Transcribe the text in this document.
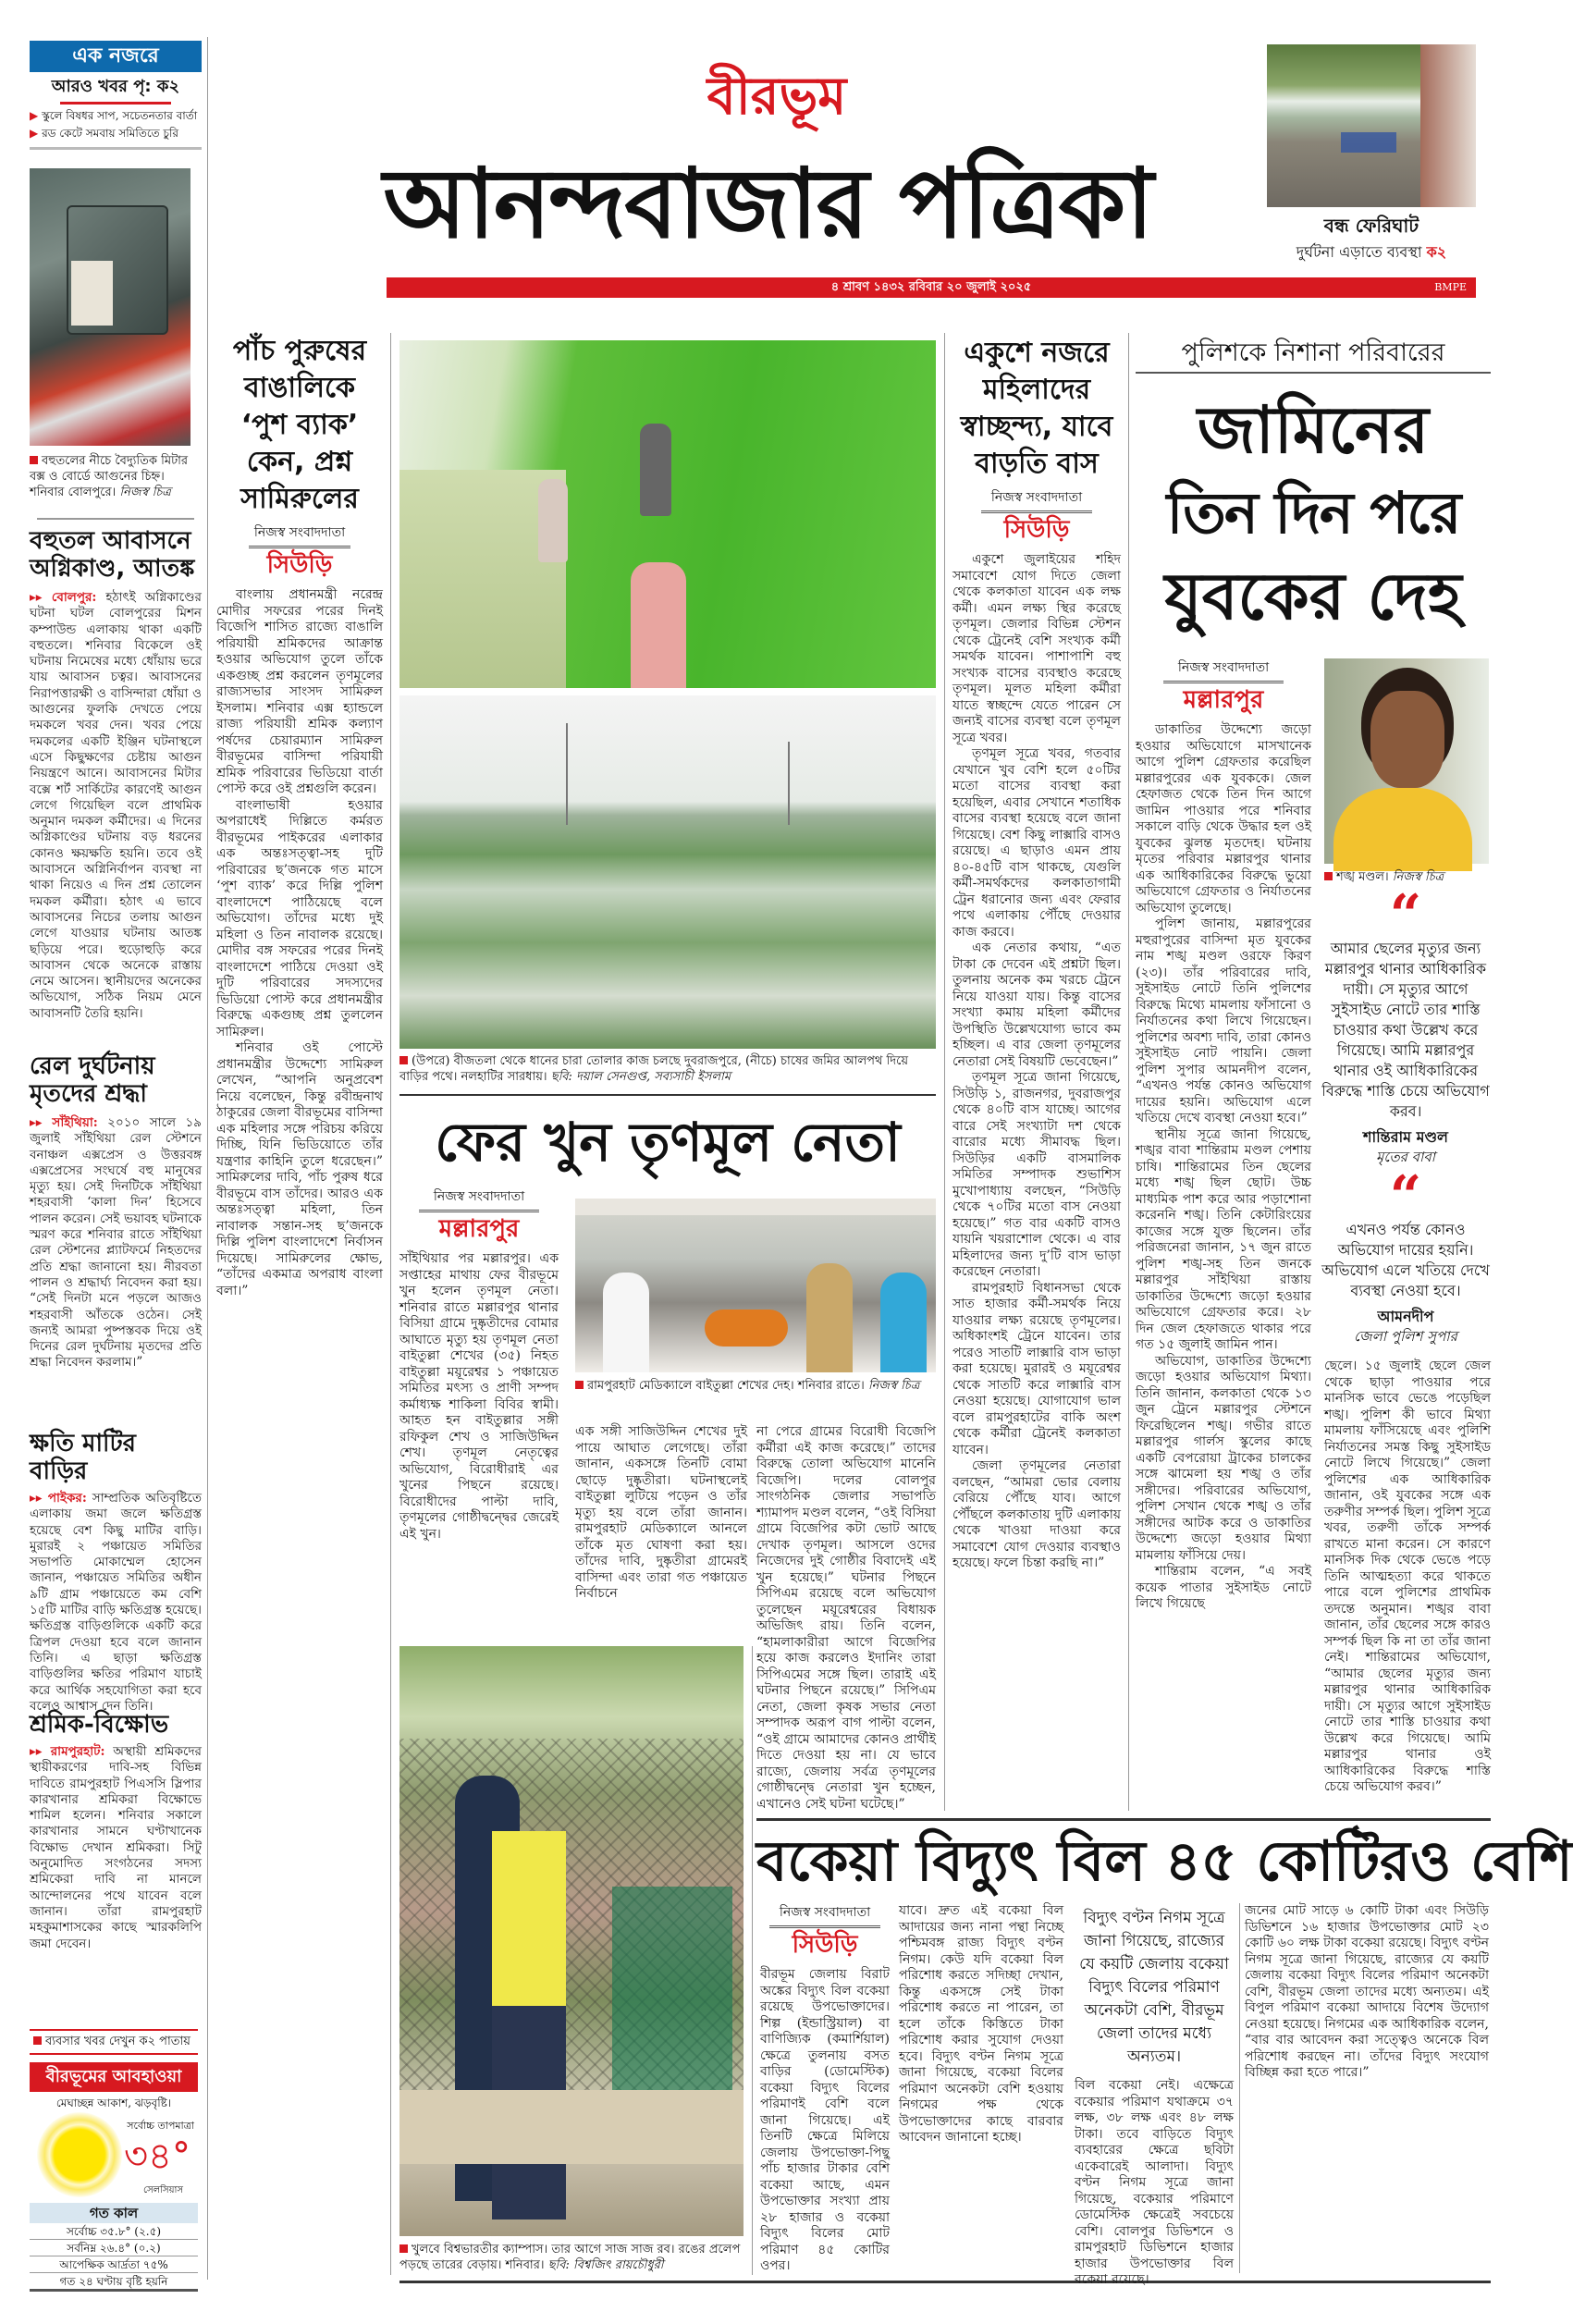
এক নজরে
আরও খবর পৃ: ক২
▶ স্কুলে বিষধর সাপ, সচেতনতার বার্তা
▶ রড কেটে সমবায় সমিতিতে চুরি
বহুতলের নীচে বৈদ্যুতিক মিটার বক্স ও বোর্ডে আগুনের চিহ্ন। শনিবার বোলপুরে। নিজস্ব চিত্র
বহুতল আবাসনে অগ্নিকাণ্ড, আতঙ্ক
▸▸ বোলপুর: হঠাৎই অগ্নিকাণ্ডের ঘটনা ঘটল বোলপুরের মিশন কম্পাউন্ড এলাকায় থাকা একটি বহুতলে। শনিবার বিকেলে ওই ঘটনায় নিমেষের মধ্যে ধোঁয়ায় ভরে যায় আবাসন চত্বর। আবাসনের নিরাপত্তারক্ষী ও বাসিন্দারা ধোঁয়া ও আগুনের ফুলকি দেখতে পেয়ে দমকলে খবর দেন। খবর পেয়ে দমকলের একটি ইঞ্জিন ঘটনাস্থলে এসে কিছুক্ষণের চেষ্টায় আগুন নিয়ন্ত্রণে আনে। আবাসনের মিটার বক্সে শর্ট সার্কিটের কারণেই আগুন লেগে গিয়েছিল বলে প্রাথমিক অনুমান দমকল কর্মীদের। এ দিনের অগ্নিকাণ্ডের ঘটনায় বড় ধরনের কোনও ক্ষয়ক্ষতি হয়নি। তবে ওই আবাসনে অগ্নিনির্বাপন ব্যবস্থা না থাকা নিয়েও এ দিন প্রশ্ন তোলেন দমকল কর্মীরা। হঠাৎ এ ভাবে আবাসনের নিচের তলায় আগুন লেগে যাওয়ার ঘটনায় আতঙ্ক ছড়িয়ে পরে। হুড়োহুড়ি করে আবাসন থেকে অনেকে রাস্তায় নেমে আসেন। স্থানীয়দের অনেকের অভিযোগ, সঠিক নিয়ম মেনে আবাসনটি তৈরি হয়নি।
রেল দুর্ঘটনায় মৃতদের শ্রদ্ধা
▸▸ সাঁইথিয়া: ২০১০ সালে ১৯ জুলাই সাঁইথিয়া রেল স্টেশনে বনাঞ্চল এক্সপ্রেস ও উত্তরবঙ্গ এক্সপ্রেসের সংঘর্ষে বহু মানুষের মৃত্যু হয়। সেই দিনটিকে সাঁইথিয়া শহরবাসী ‘কালা দিন’ হিসেবে পালন করেন। সেই ভয়াবহ ঘটনাকে স্মরণ করে শনিবার রাতে সাঁইথিয়া রেল স্টেশনের প্ল্যাটফর্মে নিহতদের প্রতি শ্রদ্ধা জানানো হয়। নীরবতা পালন ও শ্রদ্ধার্ঘ্য নিবেদন করা হয়। “সেই দিনটা মনে পড়লে আজও শহরবাসী আঁতকে ওঠেন। সেই জন্যই আমরা পুষ্পস্তবক দিয়ে ওই দিনের রেল দুর্ঘটনায় মৃতদের প্রতি শ্রদ্ধা নিবেদন করলাম।”
ক্ষতি মাটির বাড়ির
▸▸ পাইকর: সাম্প্রতিক অতিবৃষ্টিতে এলাকায় জমা জলে ক্ষতিগ্রস্ত হয়েছে বেশ কিছু মাটির বাড়ি। মুরারই ২ পঞ্চায়েত সমিতির সভাপতি মোকাম্মেল হোসেন জানান, পঞ্চায়েত সমিতির অধীন ৯টি গ্রাম পঞ্চায়েতে কম বেশি ১৫টি মাটির বাড়ি ক্ষতিগ্রস্ত হয়েছে। ক্ষতিগ্রস্ত বাড়িগুলিকে একটি করে ত্রিপল দেওয়া হবে বলে জানান তিনি। এ ছাড়া ক্ষতিগ্রস্ত বাড়িগুলির ক্ষতির পরিমাণ যাচাই করে আর্থিক সহযোগিতা করা হবে বলেও আশ্বাস দেন তিনি।
শ্রমিক-বিক্ষোভ
▸▸ রামপুরহাট: অস্থায়ী শ্রমিকদের স্থায়ীকরণের দাবি-সহ বিভিন্ন দাবিতে রামপুরহাট পিএসসি স্লিপার কারখানার শ্রমিকরা বিক্ষোভে শামিল হলেন। শনিবার সকালে কারখানার সামনে ঘণ্টাখানেক বিক্ষোভ দেখান শ্রমিকরা। সিটু অনুমোদিত সংগঠনের সদস্য শ্রমিকেরা দাবি না মানলে আন্দোলনের পথে যাবেন বলে জানান। তাঁরা রামপুরহাট মহকুমাশাসকের কাছে স্মারকলিপি জমা দেবেন।
ব্যবসার খবর দেখুন ক২ পাতায়
বীরভূমের আবহাওয়া
মেঘাচ্ছন্ন আকাশ, ঝড়বৃষ্টি।
সর্বোচ্চ তাপমাত্রা
৩৪°
সেলসিয়াস
গত কাল
সর্বোচ্চ ৩৫.৮° (২.৫)
সর্বনিম্ন ২৬.৪° (০.২)
আপেক্ষিক আর্দ্রতা ৭৫%
গত ২৪ ঘণ্টায় বৃষ্টি হয়নি
বীরভূম
আনন্দবাজার পত্রিকা	বন্ধ ফেরিঘাট
দুর্ঘটনা এড়াতে ব্যবস্থা ক২
৪ শ্রাবণ ১৪৩২ রবিবার ২০ জুলাই ২০২৫	BMPE
পাঁচ পুরুষের বাঙালিকে ‘পুশ ব্যাক’ কেন, প্রশ্ন সামিরুলের
নিজস্ব সংবাদদাতা
সিউড়ি

বাংলায় প্রধানমন্ত্রী নরেন্দ্র মোদীর সফরের পরের দিনই বিজেপি শাসিত রাজ্যে বাঙালি পরিযায়ী শ্রমিকদের আক্রান্ত হওয়ার অভিযোগ তুলে তাঁকে একগুচ্ছ প্রশ্ন করলেন তৃণমূলের রাজ্যসভার সাংসদ সামিরুল ইসলাম। শনিবার এক্স হ্যান্ডলে রাজ্য পরিযায়ী শ্রমিক কল্যাণ পর্ষদের চেয়ারম্যান সামিরুল বীরভূমের বাসিন্দা পরিযায়ী শ্রমিক পরিবারের ভিডিয়ো বার্তা পোস্ট করে ওই প্রশ্নগুলি করেন।

বাংলাভাষী হওয়ার অপরাধেই দিল্লিতে কর্মরত বীরভূমের পাইকরের এলাকার এক অন্তঃসত্ত্বা-সহ দুটি পরিবারের ছ’জনকে গত মাসে ‘পুশ ব্যাক’ করে দিল্লি পুলিশ বাংলাদেশে পাঠিয়েছে বলে অভিযোগ। তাঁদের মধ্যে দুই মহিলা ও তিন নাবালক রয়েছে। মোদীর বঙ্গ সফরের পরের দিনই বাংলাদেশে পাঠিয়ে দেওয়া ওই দুটি পরিবারের সদস্যদের ভিডিয়ো পোস্ট করে প্রধানমন্ত্রীর বিরুদ্ধে একগুচ্ছ প্রশ্ন তুললেন সামিরুল।

শনিবার ওই পোস্টে প্রধানমন্ত্রীর উদ্দেশ্যে সামিরুল লেখেন, “আপনি অনুপ্রবেশ নিয়ে বলেছেন, কিন্তু রবীন্দ্রনাথ ঠাকুরের জেলা বীরভূমের বাসিন্দা এক মহিলার সঙ্গে পরিচয় করিয়ে দিচ্ছি, যিনি ভিডিয়োতে তাঁর যন্ত্রণার কাহিনি তুলে ধরেছেন।” সামিরুলের দাবি, পাঁচ পুরুষ ধরে বীরভূমে বাস তাঁদের। আরও এক অন্তঃসত্ত্বা মহিলা, তিন নাবালক সন্তান-সহ ছ’জনকে দিল্লি পুলিশ বাংলাদেশে নির্বাসন দিয়েছে। সামিরুলের ক্ষোভ, “তাঁদের একমাত্র অপরাধ বাংলা বলা।”

(উপরে) বীজতলা থেকে ধানের চারা তোলার কাজ চলছে দুবরাজপুরে, (নীচে) চাষের জমির আলপথ দিয়ে বাড়ির পথে। নলহাটির সারধায়। ছবি: দয়াল সেনগুপ্ত, সব্যসাচী ইসলাম
ফের খুন তৃণমূল নেতা
নিজস্ব সংবাদদাতা
মল্লারপুর
সাঁইথিয়ার পর মল্লারপুর। এক সপ্তাহের মাথায় ফের বীরভূমে খুন হলেন তৃণমূল নেতা। শনিবার রাতে মল্লারপুর থানার বিসিয়া গ্রামে দুষ্কৃতীদের বোমার আঘাতে মৃত্যু হয় তৃণমূল নেতা বাইতুল্লা শেখের (৩৫) নিহত বাইতুল্লা ময়ূরেশ্বর ১ পঞ্চায়েত সমিতির মৎস্য ও প্রাণী সম্পদ কর্মাধ্যক্ষ শাকিলা বিবির স্বামী। আহত হন বাইতুল্লার সঙ্গী রফিকুল শেখ ও সাজিউদ্দিন শেখ। তৃণমূল নেতৃত্বের অভিযোগ, বিরোধীরাই এর খুনের পিছনে রয়েছে। বিরোধীদের পাল্টা দাবি, তৃণমূলের গোষ্ঠীদ্বন্দ্বের জেরেই এই খুন।
রামপুরহাট মেডিক্যালে বাইতুল্লা শেখের দেহ। শনিবার রাতে। নিজস্ব চিত্র
এক সঙ্গী সাজিউদ্দিন শেখের দুই পায়ে আঘাত লেগেছে। তাঁরা জানান, একসঙ্গে তিনটি বোমা ছোড়ে দুষ্কৃতীরা। ঘটনাস্থলেই বাইতুল্লা লুটিয়ে পড়েন ও তাঁর মৃত্যু হয় বলে তাঁরা জানান। রামপুরহাট মেডিক্যালে আনলে তাঁকে মৃত ঘোষণা করা হয়। তাঁদের দাবি, দুষ্কৃতীরা গ্রামেরই বাসিন্দা এবং তারা গত পঞ্চায়েত নির্বাচনে
না পেরে গ্রামের বিরোধী বিজেপি কর্মীরা এই কাজ করেছে।” তাদের বিরুদ্ধে তোলা অভিযোগ মানেনি বিজেপি। দলের বোলপুর সাংগঠনিক জেলার সভাপতি শ্যামাপদ মণ্ডল বলেন, “ওই বিসিয়া গ্রামে বিজেপির কটা ভোট আছে দেখাক তৃণমূল। আসলে ওদের নিজেদের দুই গোষ্ঠীর বিবাদেই এই খুন হয়েছে।” ঘটনার পিছনে সিপিএম রয়েছে বলে অভিযোগ তুলেছেন ময়ূরেশ্বরের বিধায়ক অভিজিৎ রায়। তিনি বলেন, “হামলাকারীরা আগে বিজেপির হয়ে কাজ করলেও ইদানিং তারা সিপিএমের সঙ্গে ছিল। তারাই এই ঘটনার পিছনে রয়েছে।” সিপিএম নেতা, জেলা কৃষক সভার নেতা সম্পাদক অরূপ বাগ পাল্টা বলেন, “ওই গ্রামে আমাদের কোনও প্রার্থীই দিতে দেওয়া হয় না। যে ভাবে রাজ্যে, জেলায় সর্বত্র তৃণমূলের গোষ্ঠীদ্বন্দ্বে নেতারা খুন হচ্ছেন, এখানেও সেই ঘটনা ঘটেছে।”
একুশে নজরে মহিলাদের স্বাচ্ছন্দ্য, যাবে বাড়তি বাস
নিজস্ব সংবাদদাতা
সিউড়ি

একুশে জুলাইয়ের শহিদ সমাবেশে যোগ দিতে জেলা থেকে কলকাতা যাবেন এক লক্ষ কর্মী। এমন লক্ষ্য স্থির করেছে তৃণমূল। জেলার বিভিন্ন স্টেশন থেকে ট্রেনেই বেশি সংখ্যক কর্মী সমর্থক যাবেন। পাশাপাশি বহু সংখ্যক বাসের ব্যবস্থাও করেছে তৃণমূল। মূলত মহিলা কর্মীরা যাতে স্বচ্ছন্দে যেতে পারেন সে জন্যই বাসের ব্যবস্থা বলে তৃণমূল সূত্রে খবর।

তৃণমূল সূত্রে খবর, গতবার যেখানে খুব বেশি হলে ৫০টির মতো বাসের ব্যবস্থা করা হয়েছিল, এবার সেখানে শতাধিক বাসের ব্যবস্থা হয়েছে বলে জানা গিয়েছে। বেশ কিছু লাক্সারি বাসও রয়েছে। এ ছাড়াও এমন প্রায় ৪০-৪৫টি বাস থাকছে, যেগুলি কর্মী-সমর্থকদের কলকাতাগামী ট্রেন ধরানোর জন্য এবং ফেরার পথে এলাকায় পৌঁছে দেওয়ার কাজ করবে।

এক নেতার কথায়, “এত টাকা কে দেবেন এই প্রশ্নটা ছিল। তুলনায় অনেক কম খরচে ট্রেনে নিয়ে যাওয়া যায়। কিন্তু বাসের সংখ্যা কমায় মহিলা কর্মীদের উপস্থিতি উল্লেখযোগ্য ভাবে কম হচ্ছিল। এ বার জেলা তৃণমূলের নেতারা সেই বিষয়টি ভেবেছেন।”

তৃণমূল সূত্রে জানা গিয়েছে, সিউড়ি ১, রাজনগর, দুবরাজপুর থেকে ৪০টি বাস যাচ্ছে। আগের বারে সেই সংখ্যাটা দশ থেকে বারোর মধ্যে সীমাবদ্ধ ছিল। সিউড়ির একটি বাসমালিক সমিতির সম্পাদক শুভাশিস মুখোপাধ্যায় বলছেন, “সিউড়ি থেকে ৭০টির মতো বাস নেওয়া হয়েছে।” গত বার একটি বাসও যায়নি খয়রাশোল থেকে। এ বার মহিলাদের জন্য দু’টি বাস ভাড়া করেছেন নেতারা।

রামপুরহাট বিধানসভা থেকে সাত হাজার কর্মী-সমর্থক নিয়ে যাওয়ার লক্ষ্য রয়েছে তৃণমূলের। অধিকাংশই ট্রেনে যাবেন। তার পরেও সাতটি লাক্সারি বাস ভাড়া করা হয়েছে। মুরারই ও ময়ূরেশ্বর থেকে সাতটি করে লাক্সারি বাস নেওয়া হয়েছে। যোগাযোগ ভাল বলে রামপুরহাটের বাকি অংশ থেকে কর্মীরা ট্রেনেই কলকাতা যাবেন।

জেলা তৃণমূলের নেতারা বলছেন, “আমরা ভোর বেলায় বেরিয়ে পৌঁছে যাব। আগে পৌঁছলে কলকাতায় দুটি এলাকায় থেকে খাওয়া দাওয়া করে সমাবেশে যোগ দেওয়ার ব্যবস্থাও হয়েছে। ফলে চিন্তা করছি না।”

পুলিশকে নিশানা পরিবারের
জামিনের
তিন দিন পরে
যুবকের দেহ
নিজস্ব সংবাদদাতা
মল্লারপুর

ডাকাতির উদ্দেশ্যে জড়ো হওয়ার অভিযোগে মাসখানেক আগে পুলিশ গ্রেফতার করেছিল মল্লারপুরের এক যুবককে। জেল হেফাজত থেকে তিন দিন আগে জামিন পাওয়ার পরে শনিবার সকালে বাড়ি থেকে উদ্ধার হল ওই যুবকের ঝুলন্ত মৃতদেহ। ঘটনায় মৃতের পরিবার মল্লারপুর থানার এক আধিকারিকের বিরুদ্ধে ভুয়ো অভিযোগে গ্রেফতার ও নির্যাতনের অভিযোগ তুলেছে।

পুলিশ জানায়, মল্লারপুরের মহুরাপুরের বাসিন্দা মৃত যুবকের নাম শঙ্খ মণ্ডল ওরফে কিরণ (২৩)। তাঁর পরিবারের দাবি, সুইসাইড নোটে তিনি পুলিশের বিরুদ্ধে মিথ্যে মামলায় ফাঁসানো ও নির্যাতনের কথা লিখে গিয়েছেন। পুলিশের অবশ্য দাবি, তারা কোনও সুইসাইড নোট পায়নি। জেলা পুলিশ সুপার আমনদীপ বলেন, “এখনও পর্যন্ত কোনও অভিযোগ দায়ের হয়নি। অভিযোগ এলে খতিয়ে দেখে ব্যবস্থা নেওয়া হবে।”

স্থানীয় সূত্রে জানা গিয়েছে, শঙ্খর বাবা শান্তিরাম মণ্ডল পেশায় চাষি। শান্তিরামের তিন ছেলের মধ্যে শঙ্খ ছিল ছোট। উচ্চ মাধ্যমিক পাশ করে আর পড়াশোনা করেননি শঙ্খ। তিনি কেটারিংয়ের কাজের সঙ্গে যুক্ত ছিলেন। তাঁর পরিজনেরা জানান, ১৭ জুন রাতে পুলিশ শঙ্খ-সহ তিন জনকে মল্লারপুর সাঁইথিয়া রাস্তায় ডাকাতির উদ্দেশ্যে জড়ো হওয়ার অভিযোগে গ্রেফতার করে। ২৮ দিন জেল হেফাজতে থাকার পরে গত ১৫ জুলাই জামিন পান।

অভিযোগ, ডাকাতির উদ্দেশ্যে জড়ো হওয়ার অভিযোগ মিথ্যা। তিনি জানান, কলকাতা থেকে ১৩ জুন ট্রেনে মল্লারপুর স্টেশনে ফিরেছিলেন শঙ্খ। গভীর রাতে মল্লারপুর গার্লস স্কুলের কাছে একটি বেপরোয়া ট্রাকের চালকের সঙ্গে ঝামেলা হয় শঙ্খ ও তাঁর সঙ্গীদের। পরিবারের অভিযোগ, পুলিশ সেখান থেকে শঙ্খ ও তাঁর সঙ্গীদের আটক করে ও ডাকাতির উদ্দেশ্যে জড়ো হওয়ার মিথ্যা মামলায় ফাঁসিয়ে দেয়।

শান্তিরাম বলেন, “এ সবই কয়েক পাতার সুইসাইড নোটে লিখে গিয়েছে

শঙ্খ মণ্ডল। নিজস্ব চিত্র
“
আমার ছেলের মৃত্যুর জন্য মল্লারপুর থানার আধিকারিক দায়ী। সে মৃত্যুর আগে সুইসাইড নোটে তার শাস্তি চাওয়ার কথা উল্লেখ করে গিয়েছে। আমি মল্লারপুর থানার ওই আধিকারিকের বিরুদ্ধে শাস্তি চেয়ে অভিযোগ করব।
শান্তিরাম মণ্ডল
মৃতের বাবা
“
এখনও পর্যন্ত কোনও অভিযোগ দায়ের হয়নি। অভিযোগ এলে খতিয়ে দেখে ব্যবস্থা নেওয়া হবে।
আমনদীপ
জেলা পুলিশ সুপার
ছেলে। ১৫ জুলাই ছেলে জেল থেকে ছাড়া পাওয়ার পরে মানসিক ভাবে ভেঙে পড়েছিল শঙ্খ। পুলিশ কী ভাবে মিথ্যা মামলায় ফাঁসিয়েছে এবং পুলিশি নির্যাতনের সমস্ত কিছু সুইসাইড নোটে লিখে গিয়েছে।” জেলা পুলিশের এক আধিকারিক জানান, ওই যুবকের সঙ্গে এক তরুণীর সম্পর্ক ছিল। পুলিশ সূত্রে খবর, তরুণী তাঁকে সম্পর্ক রাখতে মানা করেন। সে কারণে মানসিক দিক থেকে ভেঙে পড়ে তিনি আত্মহত্যা করে থাকতে পারে বলে পুলিশের প্রাথমিক তদন্তে অনুমান। শঙ্খর বাবা জানান, তাঁর ছেলের সঙ্গে কারও সম্পর্ক ছিল কি না তা তাঁর জানা নেই। শান্তিরামের অভিযোগ, “আমার ছেলের মৃত্যুর জন্য মল্লারপুর থানার আধিকারিক দায়ী। সে মৃত্যুর আগে সুইসাইড নোটে তার শাস্তি চাওয়ার কথা উল্লেখ করে গিয়েছে। আমি মল্লারপুর থানার ওই আধিকারিকের বিরুদ্ধে শাস্তি চেয়ে অভিযোগ করব।”
খুলবে বিশ্বভারতীর ক্যাম্পাস। তার আগে সাজ সাজ রব। রঙের প্রলেপ পড়ছে তারের বেড়ায়। শনিবার। ছবি: বিশ্বজিৎ রায়চৌধুরী
বকেয়া বিদ্যুৎ বিল ৪৫ কোটিরও বেশি
নিজস্ব সংবাদদাতা
সিউড়ি
বীরভূম জেলায় বিরাট অঙ্কের বিদ্যুৎ বিল বকেয়া রয়েছে উপভোক্তাদের। শিল্প (ইন্ডাস্ট্রিয়াল) বা বাণিজ্যিক (কমার্শিয়াল) ক্ষেত্রে তুলনায় বসত বাড়ির (ডোমেস্টিক) বকেয়া বিদ্যুৎ বিলের পরিমাণই বেশি বলে জানা গিয়েছে। এই তিনটি ক্ষেত্রে মিলিয়ে জেলায় উপভোক্তা-পিছু পাঁচ হাজার টাকার বেশি বকেয়া আছে, এমন উপভোক্তার সংখ্যা প্রায় ২৮ হাজার ও বকেয়া বিদ্যুৎ বিলের মোট পরিমাণ ৪৫ কোটির ওপর।
যাবে। দ্রুত এই বকেয়া বিল আদায়ের জন্য নানা পন্থা নিচ্ছে পশ্চিমবঙ্গ রাজ্য বিদ্যুৎ বণ্টন নিগম। কেউ যদি বকেয়া বিল পরিশোধ করতে সদিচ্ছা দেখান, কিন্তু একসঙ্গে সেই টাকা পরিশোধ করতে না পারেন, তা হলে তাঁকে কিস্তিতে টাকা পরিশোধ করার সুযোগ দেওয়া হবে। বিদ্যুৎ বণ্টন নিগম সূত্রে জানা গিয়েছে, বকেয়া বিলের পরিমাণ অনেকটা বেশি হওয়ায় নিগমের পক্ষ থেকে উপভোক্তাদের কাছে বারবার আবেদন জানানো হচ্ছে।
বিদ্যুৎ বণ্টন নিগম সূত্রে জানা গিয়েছে, রাজ্যের যে কয়টি জেলায় বকেয়া বিদ্যুৎ বিলের পরিমাণ অনেকটা বেশি, বীরভূম জেলা তাদের মধ্যে অন্যতম।
বিল বকেয়া নেই। এক্ষেত্রে বকেয়ার পরিমাণ যথাক্রমে ৩৭ লক্ষ, ৩৮ লক্ষ এবং ৪৮ লক্ষ টাকা। তবে বাড়িতে বিদ্যুৎ ব্যবহারের ক্ষেত্রে ছবিটা একেবারেই আলাদা। বিদ্যুৎ বণ্টন নিগম সূত্রে জানা গিয়েছে, বকেয়ার পরিমাণে ডোমেস্টিক ক্ষেত্রেই সবচেয়ে বেশি। বোলপুর ডিভিশনে ও রামপুরহাট ডিভিশনে হাজার হাজার উপভোক্তার বিল বকেয়া রয়েছে।
জনের মোট সাড়ে ৬ কোটি টাকা এবং সিউড়ি ডিভিশনে ১৬ হাজার উপভোক্তার মোট ২৩ কোটি ৬০ লক্ষ টাকা বকেয়া রয়েছে। বিদ্যুৎ বণ্টন নিগম সূত্রে জানা গিয়েছে, রাজ্যের যে কয়টি জেলায় বকেয়া বিদ্যুৎ বিলের পরিমাণ অনেকটা বেশি, বীরভূম জেলা তাদের মধ্যে অন্যতম। এই বিপুল পরিমাণ বকেয়া আদায়ে বিশেষ উদ্যোগ নেওয়া হয়েছে। নিগমের এক আধিকারিক বলেন, “বার বার আবেদন করা সত্ত্বেও অনেকে বিল পরিশোধ করছেন না। তাঁদের বিদ্যুৎ সংযোগ বিচ্ছিন্ন করা হতে পারে।”
